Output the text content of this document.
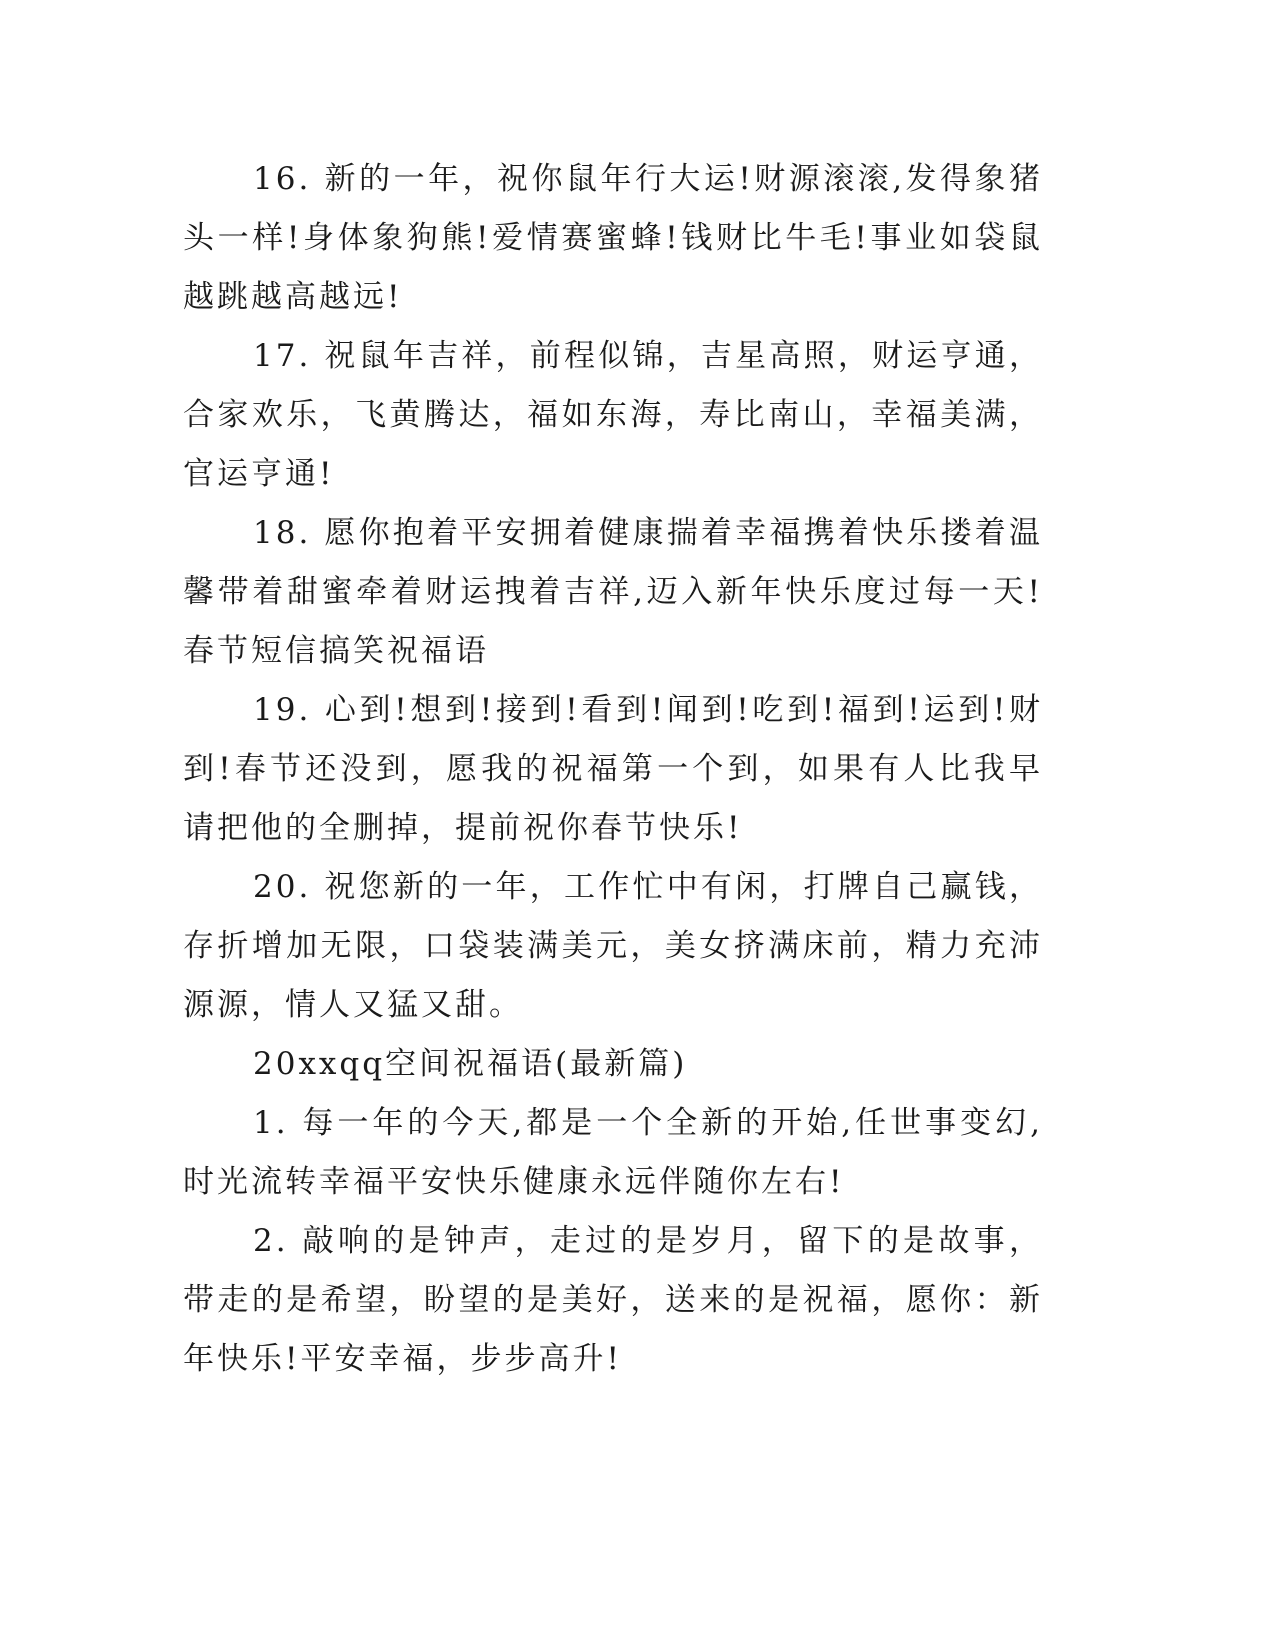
16. 新的一年，祝你鼠年行大运!财源滚滚,发得象猪头一样!身体象狗熊!爱情赛蜜蜂!钱财比牛毛!事业如袋鼠越跳越高越远!

17. 祝鼠年吉祥，前程似锦，吉星高照，财运亨通，合家欢乐，飞黄腾达，福如东海，寿比南山，幸福美满，官运亨通!

18. 愿你抱着平安拥着健康揣着幸福携着快乐搂着温馨带着甜蜜牵着财运拽着吉祥,迈入新年快乐度过每一天!春节短信搞笑祝福语

19. 心到!想到!接到!看到!闻到!吃到!福到!运到!财到!春节还没到，愿我的祝福第一个到，如果有人比我早请把他的全删掉，提前祝你春节快乐!

20. 祝您新的一年，工作忙中有闲，打牌自己赢钱，存折增加无限，口袋装满美元，美女挤满床前，精力充沛源源，情人又猛又甜。

20xxqq空间祝福语(最新篇)

1. 每一年的今天,都是一个全新的开始,任世事变幻,时光流转幸福平安快乐健康永远伴随你左右!

2. 敲响的是钟声，走过的是岁月，留下的是故事，带走的是希望，盼望的是美好，送来的是祝福，愿你：新年快乐!平安幸福，步步高升!
